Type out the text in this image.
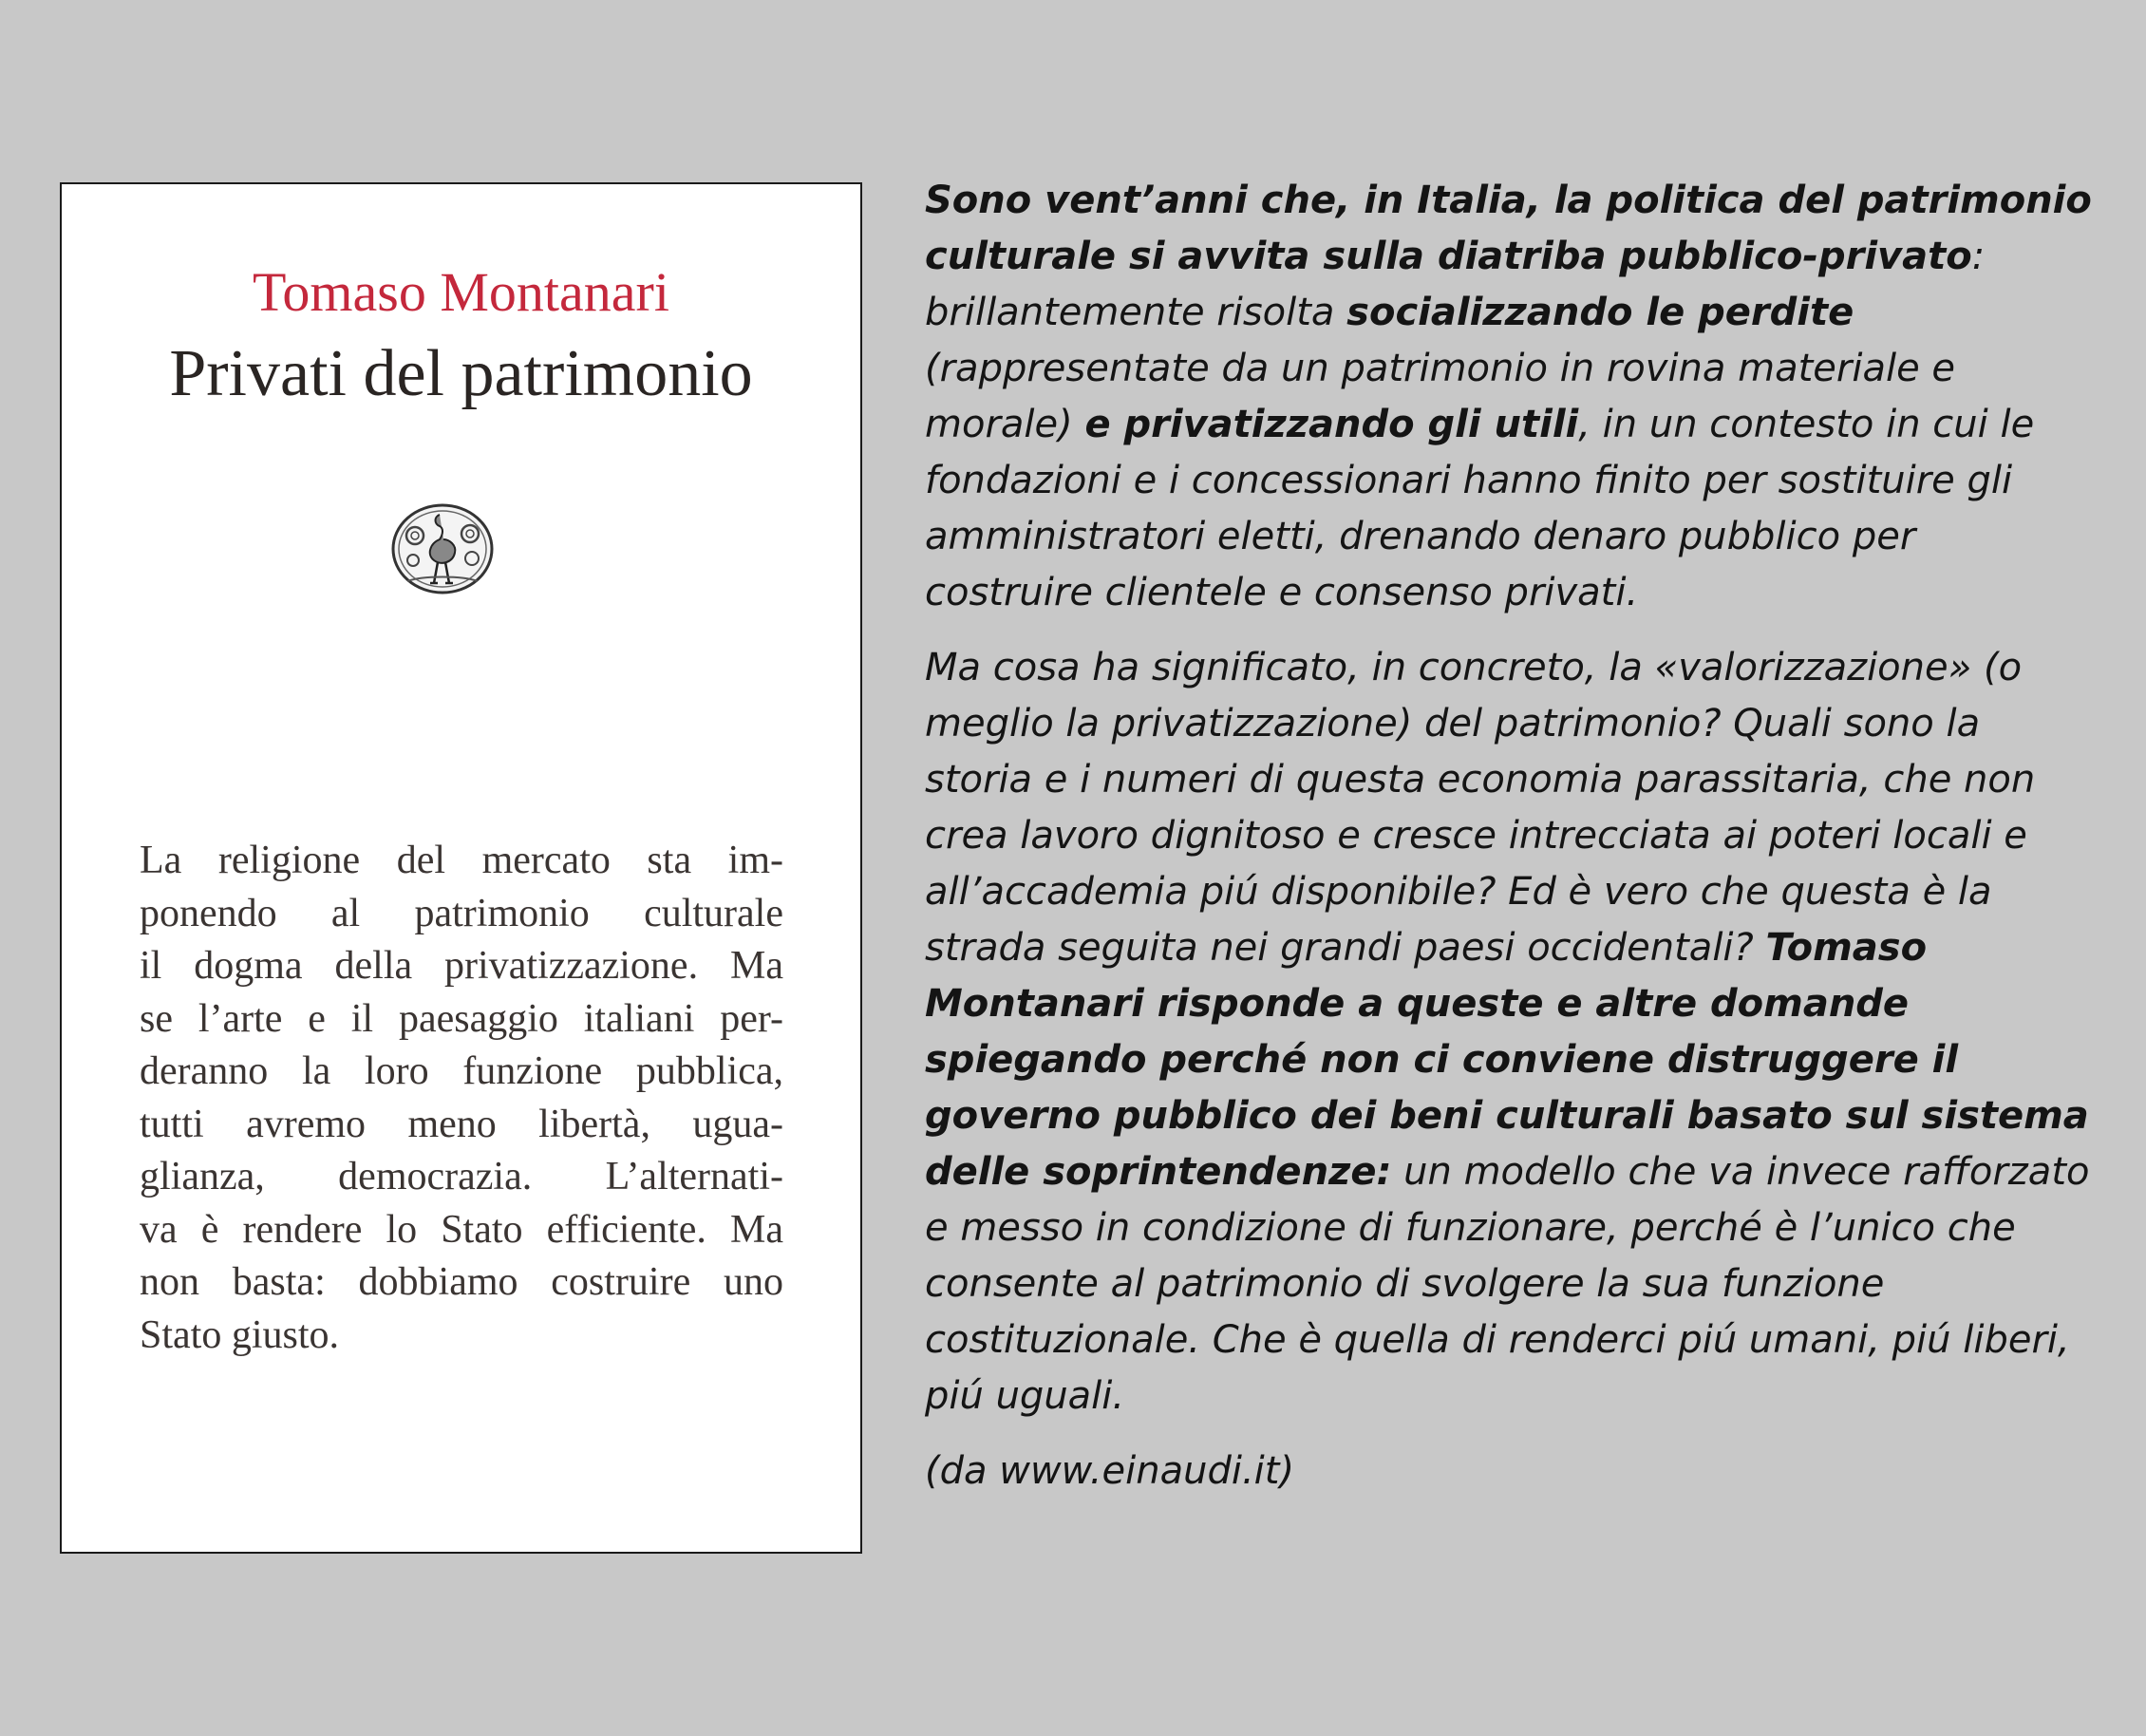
Tomaso Montanari
Privati del patrimonio
La religione del mercato sta im-
ponendo al patrimonio culturale
il dogma della privatizzazione. Ma
se l’arte e il paesaggio italiani per-
deranno la loro funzione pubblica,
tutti avremo meno libertà, ugua-
glianza, democrazia. L’alternati-
va è rendere lo Stato efficiente. Ma
non basta: dobbiamo costruire uno
Stato giusto.

Sono vent’anni che, in Italia, la politica del patrimonio culturale si avvita sulla diatriba pubblico-privato: brillantemente risolta socializzando le perdite (rappresentate da un patrimonio in rovina materiale e morale) e privatizzando gli utili, in un contesto in cui le fondazioni e i concessionari hanno finito per sostituire gli amministratori eletti, drenando denaro pubblico per costruire clientele e consenso privati.

Ma cosa ha significato, in concreto, la «valorizzazione» (o meglio la privatizzazione) del patrimonio? Quali sono la storia e i numeri di questa economia parassitaria, che non crea lavoro dignitoso e cresce intrecciata ai poteri locali e all’accademia piú disponibile? Ed è vero che questa è la strada seguita nei grandi paesi occidentali? Tomaso Montanari risponde a queste e altre domande spiegando perché non ci conviene distruggere il governo pubblico dei beni culturali basato sul sistema delle soprintendenze: un modello che va invece rafforzato e messo in condizione di funzionare, perché è l’unico che consente al patrimonio di svolgere la sua funzione costituzionale. Che è quella di renderci piú umani, piú liberi, piú uguali.

(da www.einaudi.it)
